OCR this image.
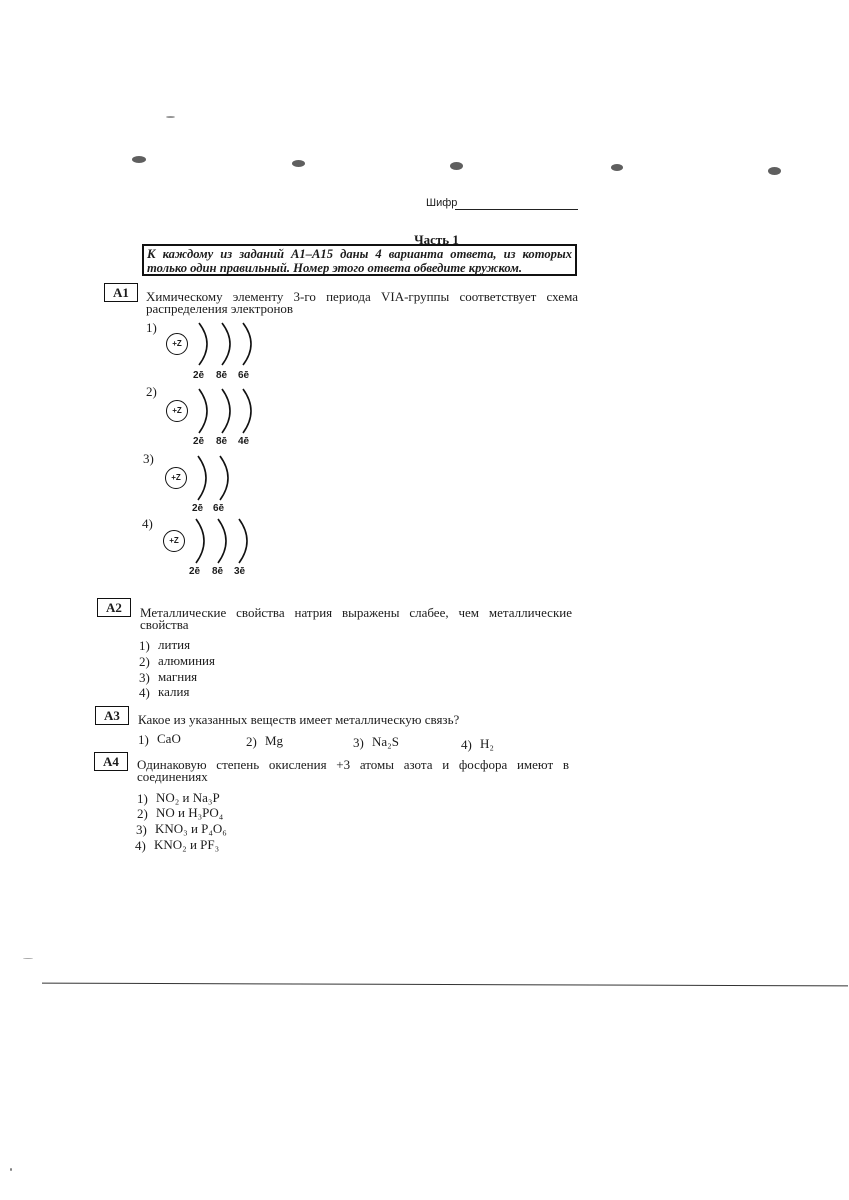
Шифр
Часть 1
К каждому из заданий A1–A15 даны 4 варианта ответа, из которых
только один правильный. Номер этого ответа обведите кружком.
A1	Химическому элементу 3-го периода VIA-группы соответствует схема
распределения электронов
1)
+Z
2ē 8ē 6ē
2)
+Z
2ē 8ē 4ē
3)
+Z
2ē 6ē
4)
+Z
2ē 8ē 3ē
A2	Металлические свойства натрия выражены слабее, чем металлические
свойства
1) лития
2) алюминия
3) магния
4) калия
A3	Какое из указанных веществ имеет металлическую связь?
1) CaO	2) Mg	3) Na₂S	4) H₂
A4	Одинаковую степень окисления +3 атомы азота и фосфора имеют в
соединениях
1) NO₂ и Na₃P
2) NO и H₃PO₄
3) KNO₃ и P₄O₆
4) KNO₂ и PF₃
